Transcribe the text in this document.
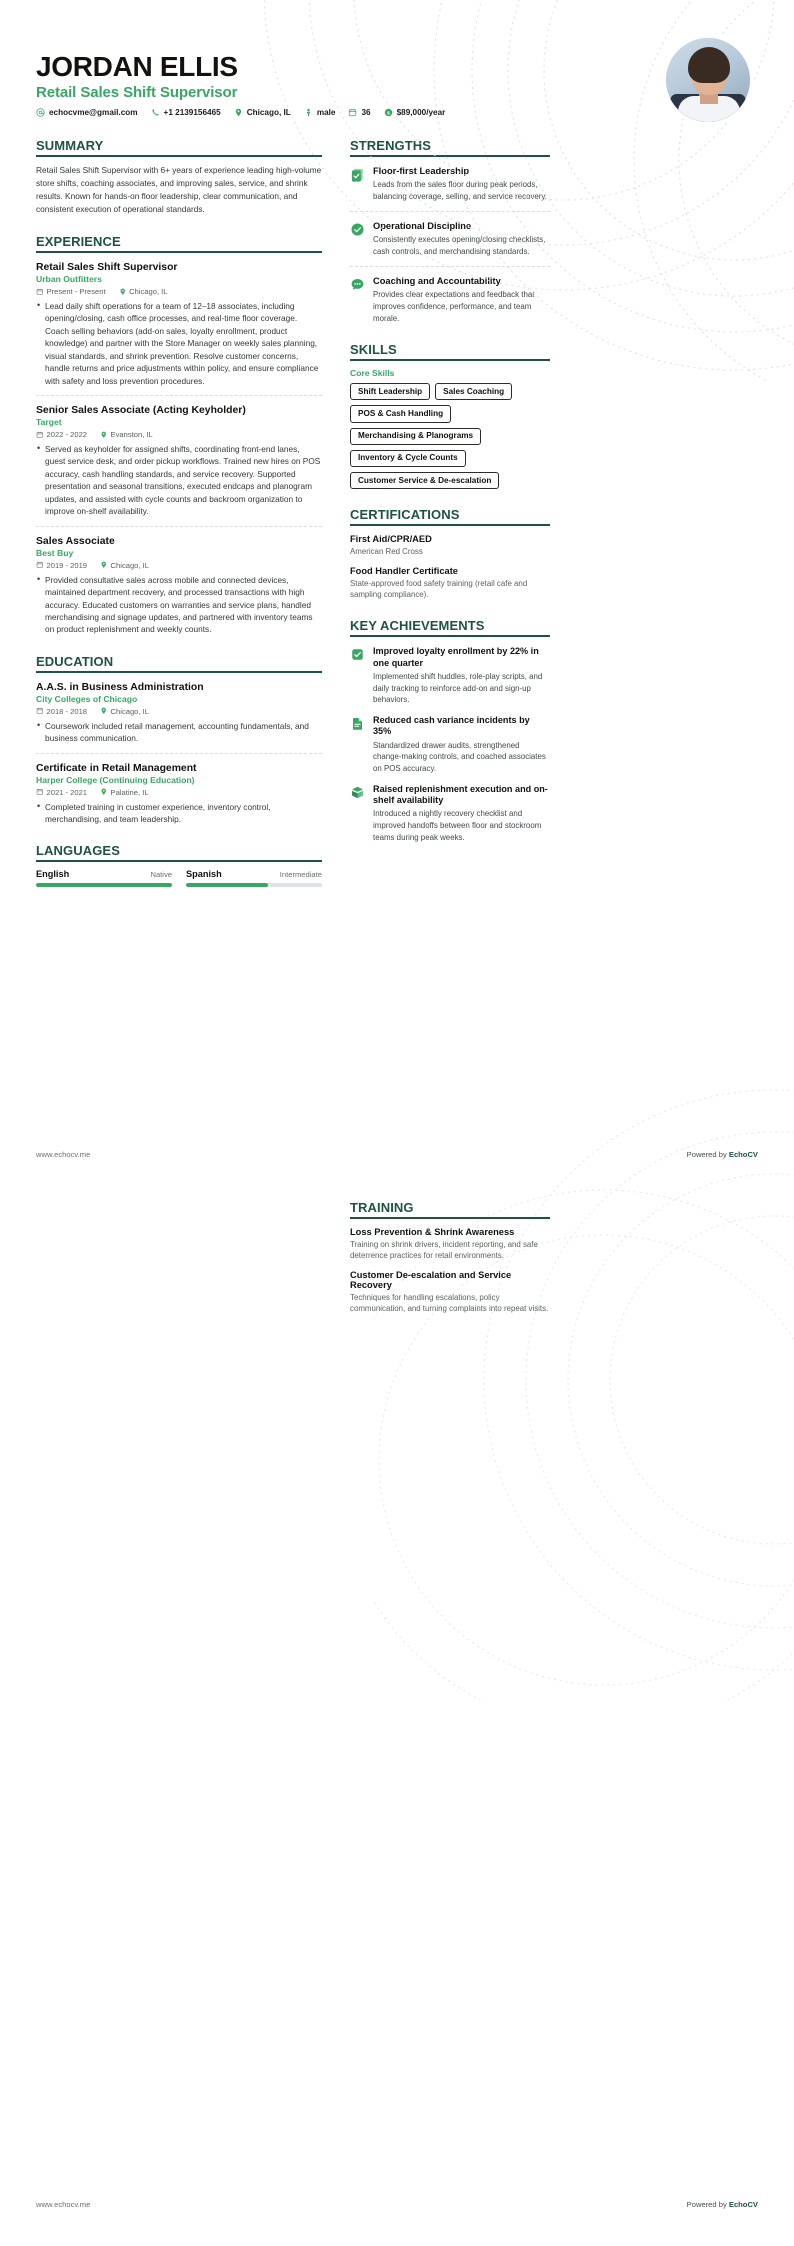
JORDAN ELLIS
Retail Sales Shift Supervisor
echocvme@gmail.com	+1 2139156465	Chicago, IL	male	36 $ $89,000/year
SUMMARY
Retail Sales Shift Supervisor with 6+ years of experience leading high-volume store shifts, coaching associates, and improving sales, service, and shrink results. Known for hands-on floor leadership, clear communication, and consistent execution of operational standards.
EXPERIENCE
Retail Sales Shift Supervisor
Urban Outfitters
Present - Present	Chicago, IL
• Lead daily shift operations for a team of 12–18 associates, including opening/closing, cash office processes, and real-time floor coverage. Coach selling behaviors (add-on sales, loyalty enrollment, product knowledge) and partner with the Store Manager on weekly sales planning, visual standards, and shrink prevention. Resolve customer concerns, handle returns and price adjustments within policy, and ensure compliance with safety and loss prevention procedures.
Senior Sales Associate (Acting Keyholder)
Target
2022 - 2022	Evanston, IL
• Served as keyholder for assigned shifts, coordinating front-end lanes, guest service desk, and order pickup workflows. Trained new hires on POS accuracy, cash handling standards, and service recovery. Supported presentation and seasonal transitions, executed endcaps and planogram updates, and assisted with cycle counts and backroom organization to improve on-shelf availability.
Sales Associate
Best Buy
2019 - 2019	Chicago, IL
• Provided consultative sales across mobile and connected devices, maintained department recovery, and processed transactions with high accuracy. Educated customers on warranties and service plans, handled merchandising and signage updates, and partnered with inventory teams on product replenishment and weekly counts.
EDUCATION
A.A.S. in Business Administration
City Colleges of Chicago
2018 - 2018	Chicago, IL
• Coursework included retail management, accounting fundamentals, and business communication.
Certificate in Retail Management
Harper College (Continuing Education)
2021 - 2021	Palatine, IL
• Completed training in customer experience, inventory control, merchandising, and team leadership.
LANGUAGES
English	Native Spanish	Intermediate
STRENGTHS
Floor-first Leadership
Leads from the sales floor during peak periods, balancing coverage, selling, and service recovery.
Operational Discipline
Consistently executes opening/closing checklists, cash controls, and merchandising standards.
Coaching and Accountability
Provides clear expectations and feedback that improves confidence, performance, and team morale.
SKILLS
Core Skills
Shift Leadership	Sales Coaching
POS & Cash Handling
Merchandising & Planograms
Inventory & Cycle Counts
Customer Service & De-escalation
CERTIFICATIONS
First Aid/CPR/AED
American Red Cross
Food Handler Certificate
State-approved food safety training (retail cafe and sampling compliance).
KEY ACHIEVEMENTS
Improved loyalty enrollment by 22% in one quarter
Implemented shift huddles, role-play scripts, and daily tracking to reinforce add-on and sign-up behaviors.
Reduced cash variance incidents by 35%
Standardized drawer audits, strengthened change-making controls, and coached associates on POS accuracy.
Raised replenishment execution and on-shelf availability
Introduced a nightly recovery checklist and improved handoffs between floor and stockroom teams during peak weeks.
www.echocv.me	Powered by EchoCV
TRAINING
Loss Prevention & Shrink Awareness
Training on shrink drivers, incident reporting, and safe deterrence practices for retail environments.
Customer De-escalation and Service Recovery
Techniques for handling escalations, policy communication, and turning complaints into repeat visits.
www.echocv.me	Powered by EchoCV
